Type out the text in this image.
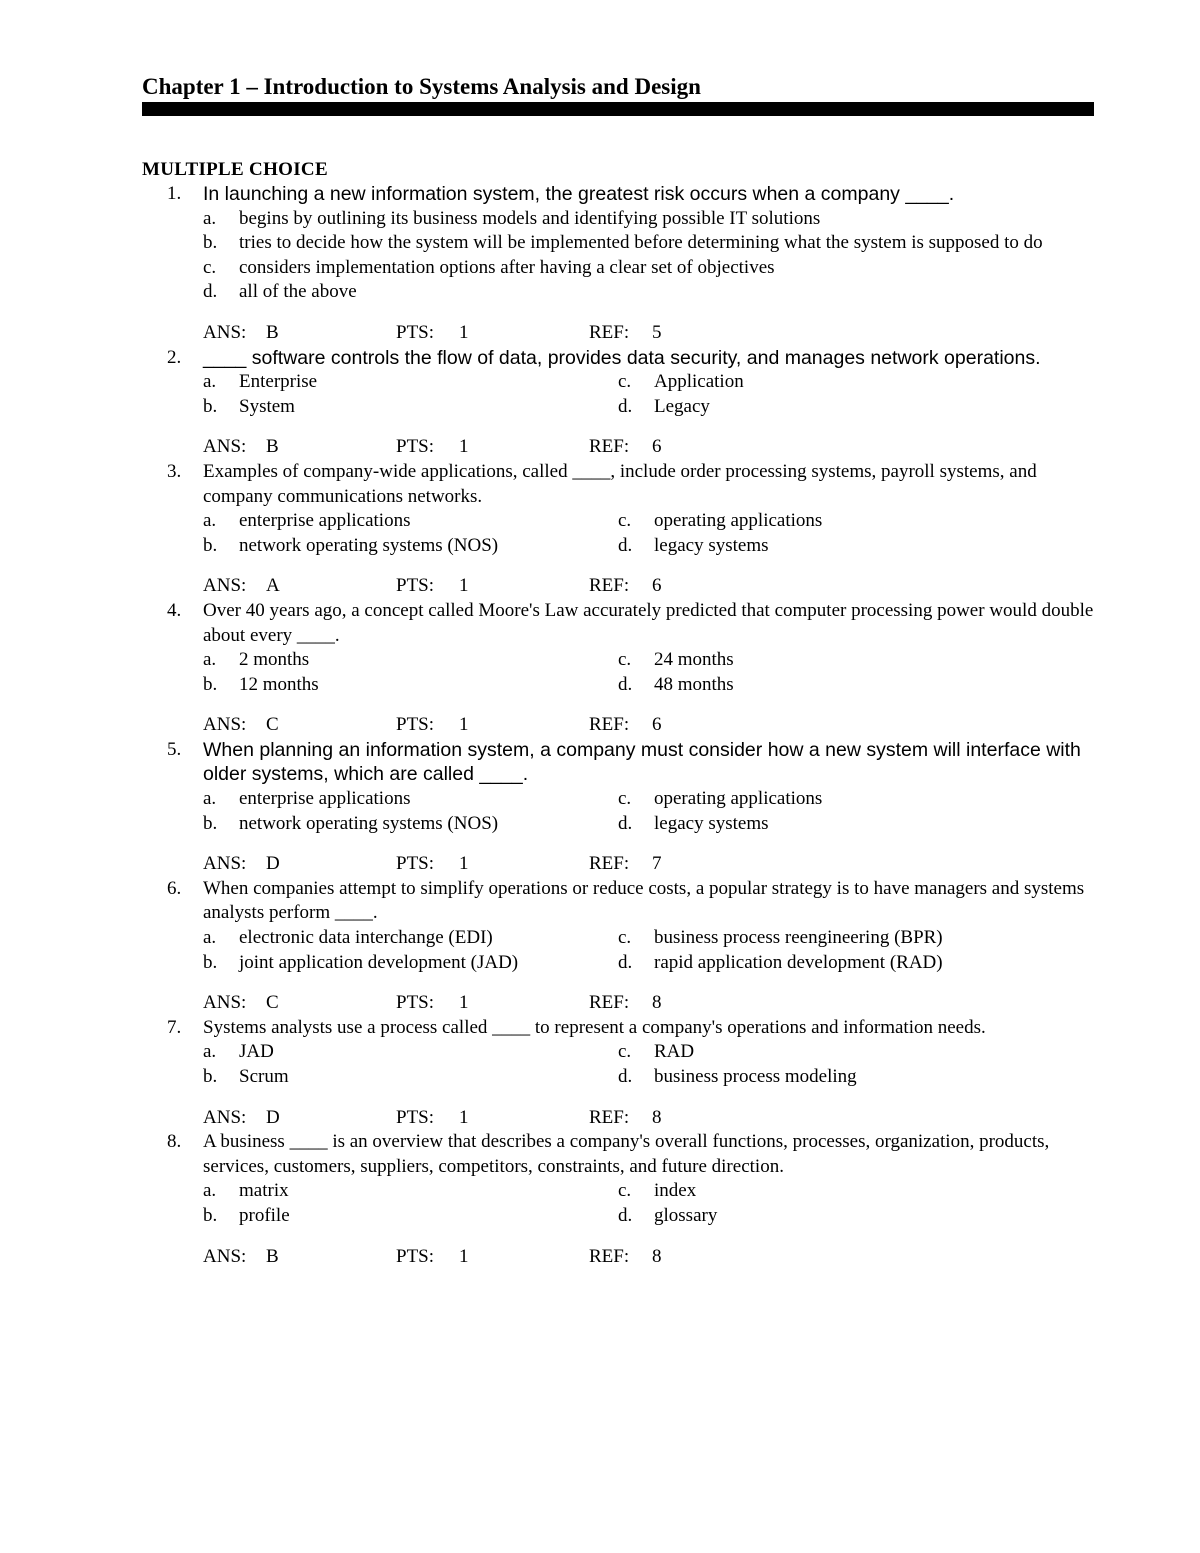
Chapter 1 – Introduction to Systems Analysis and Design
MULTIPLE CHOICE
1. In launching a new information system, the greatest risk occurs when a company ____.

a. begins by outlining its business models and identifying possible IT solutions
b. tries to decide how the system will be implemented before determining what the system is supposed to do
c. considers implementation options after having a clear set of objectives
d. all of the above
ANS: B	PTS: 1	REF: 5
2. ____ software controls the flow of data, provides data security, and manages network operations.

a. Enterprise	c. Application
b. System	d. Legacy
ANS: B	PTS: 1	REF: 6
3. Examples of company-wide applications, called ____, include order processing systems, payroll systems, and company communications networks.

a. enterprise applications	c. operating applications
b. network operating systems (NOS)	d. legacy systems
ANS: A	PTS: 1	REF: 6
4. Over 40 years ago, a concept called Moore's Law accurately predicted that computer processing power would double about every ____.

a. 2 months	c. 24 months
b. 12 months	d. 48 months
ANS: C	PTS: 1	REF: 6
5. When planning an information system, a company must consider how a new system will interface with older systems, which are called ____.

a. enterprise applications	c. operating applications
b. network operating systems (NOS)	d. legacy systems
ANS: D	PTS: 1	REF: 7
6. When companies attempt to simplify operations or reduce costs, a popular strategy is to have managers and systems analysts perform ____.

a. electronic data interchange (EDI)	c. business process reengineering (BPR)
b. joint application development (JAD)	d. rapid application development (RAD)
ANS: C	PTS: 1	REF: 8
7. Systems analysts use a process called ____ to represent a company's operations and information needs.

a. JAD	c. RAD
b. Scrum	d. business process modeling
ANS: D	PTS: 1	REF: 8
8. A business ____ is an overview that describes a company's overall functions, processes, organization, products, services, customers, suppliers, competitors, constraints, and future direction.

a. matrix	c. index
b. profile	d. glossary
ANS: B	PTS: 1	REF: 8
